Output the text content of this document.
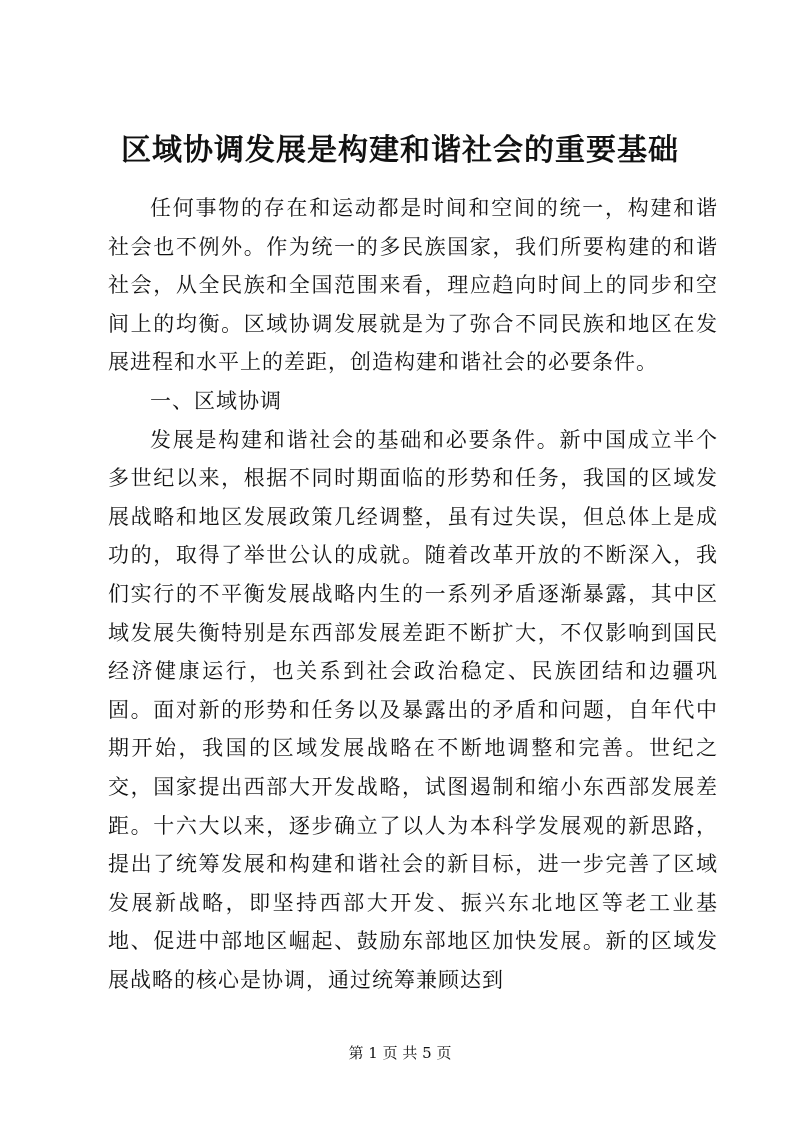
区域协调发展是构建和谐社会的重要基础

任何事物的存在和运动都是时间和空间的统一，构建和谐社会也不例外。作为统一的多民族国家，我们所要构建的和谐社会，从全民族和全国范围来看，理应趋向时间上的同步和空间上的均衡。区域协调发展就是为了弥合不同民族和地区在发展进程和水平上的差距，创造构建和谐社会的必要条件。

一、区域协调

发展是构建和谐社会的基础和必要条件。新中国成立半个多世纪以来，根据不同时期面临的形势和任务，我国的区域发展战略和地区发展政策几经调整，虽有过失误，但总体上是成功的，取得了举世公认的成就。随着改革开放的不断深入，我们实行的不平衡发展战略内生的一系列矛盾逐渐暴露，其中区域发展失衡特别是东西部发展差距不断扩大，不仅影响到国民经济健康运行，也关系到社会政治稳定、民族团结和边疆巩固。面对新的形势和任务以及暴露出的矛盾和问题，自年代中期开始，我国的区域发展战略在不断地调整和完善。世纪之交，国家提出西部大开发战略，试图遏制和缩小东西部发展差距。十六大以来，逐步确立了以人为本科学发展观的新思路，提出了统筹发展和构建和谐社会的新目标，进一步完善了区域发展新战略，即坚持西部大开发、振兴东北地区等老工业基地、促进中部地区崛起、鼓励东部地区加快发展。新的区域发展战略的核心是协调，通过统筹兼顾达到

第 1 页 共 5 页
